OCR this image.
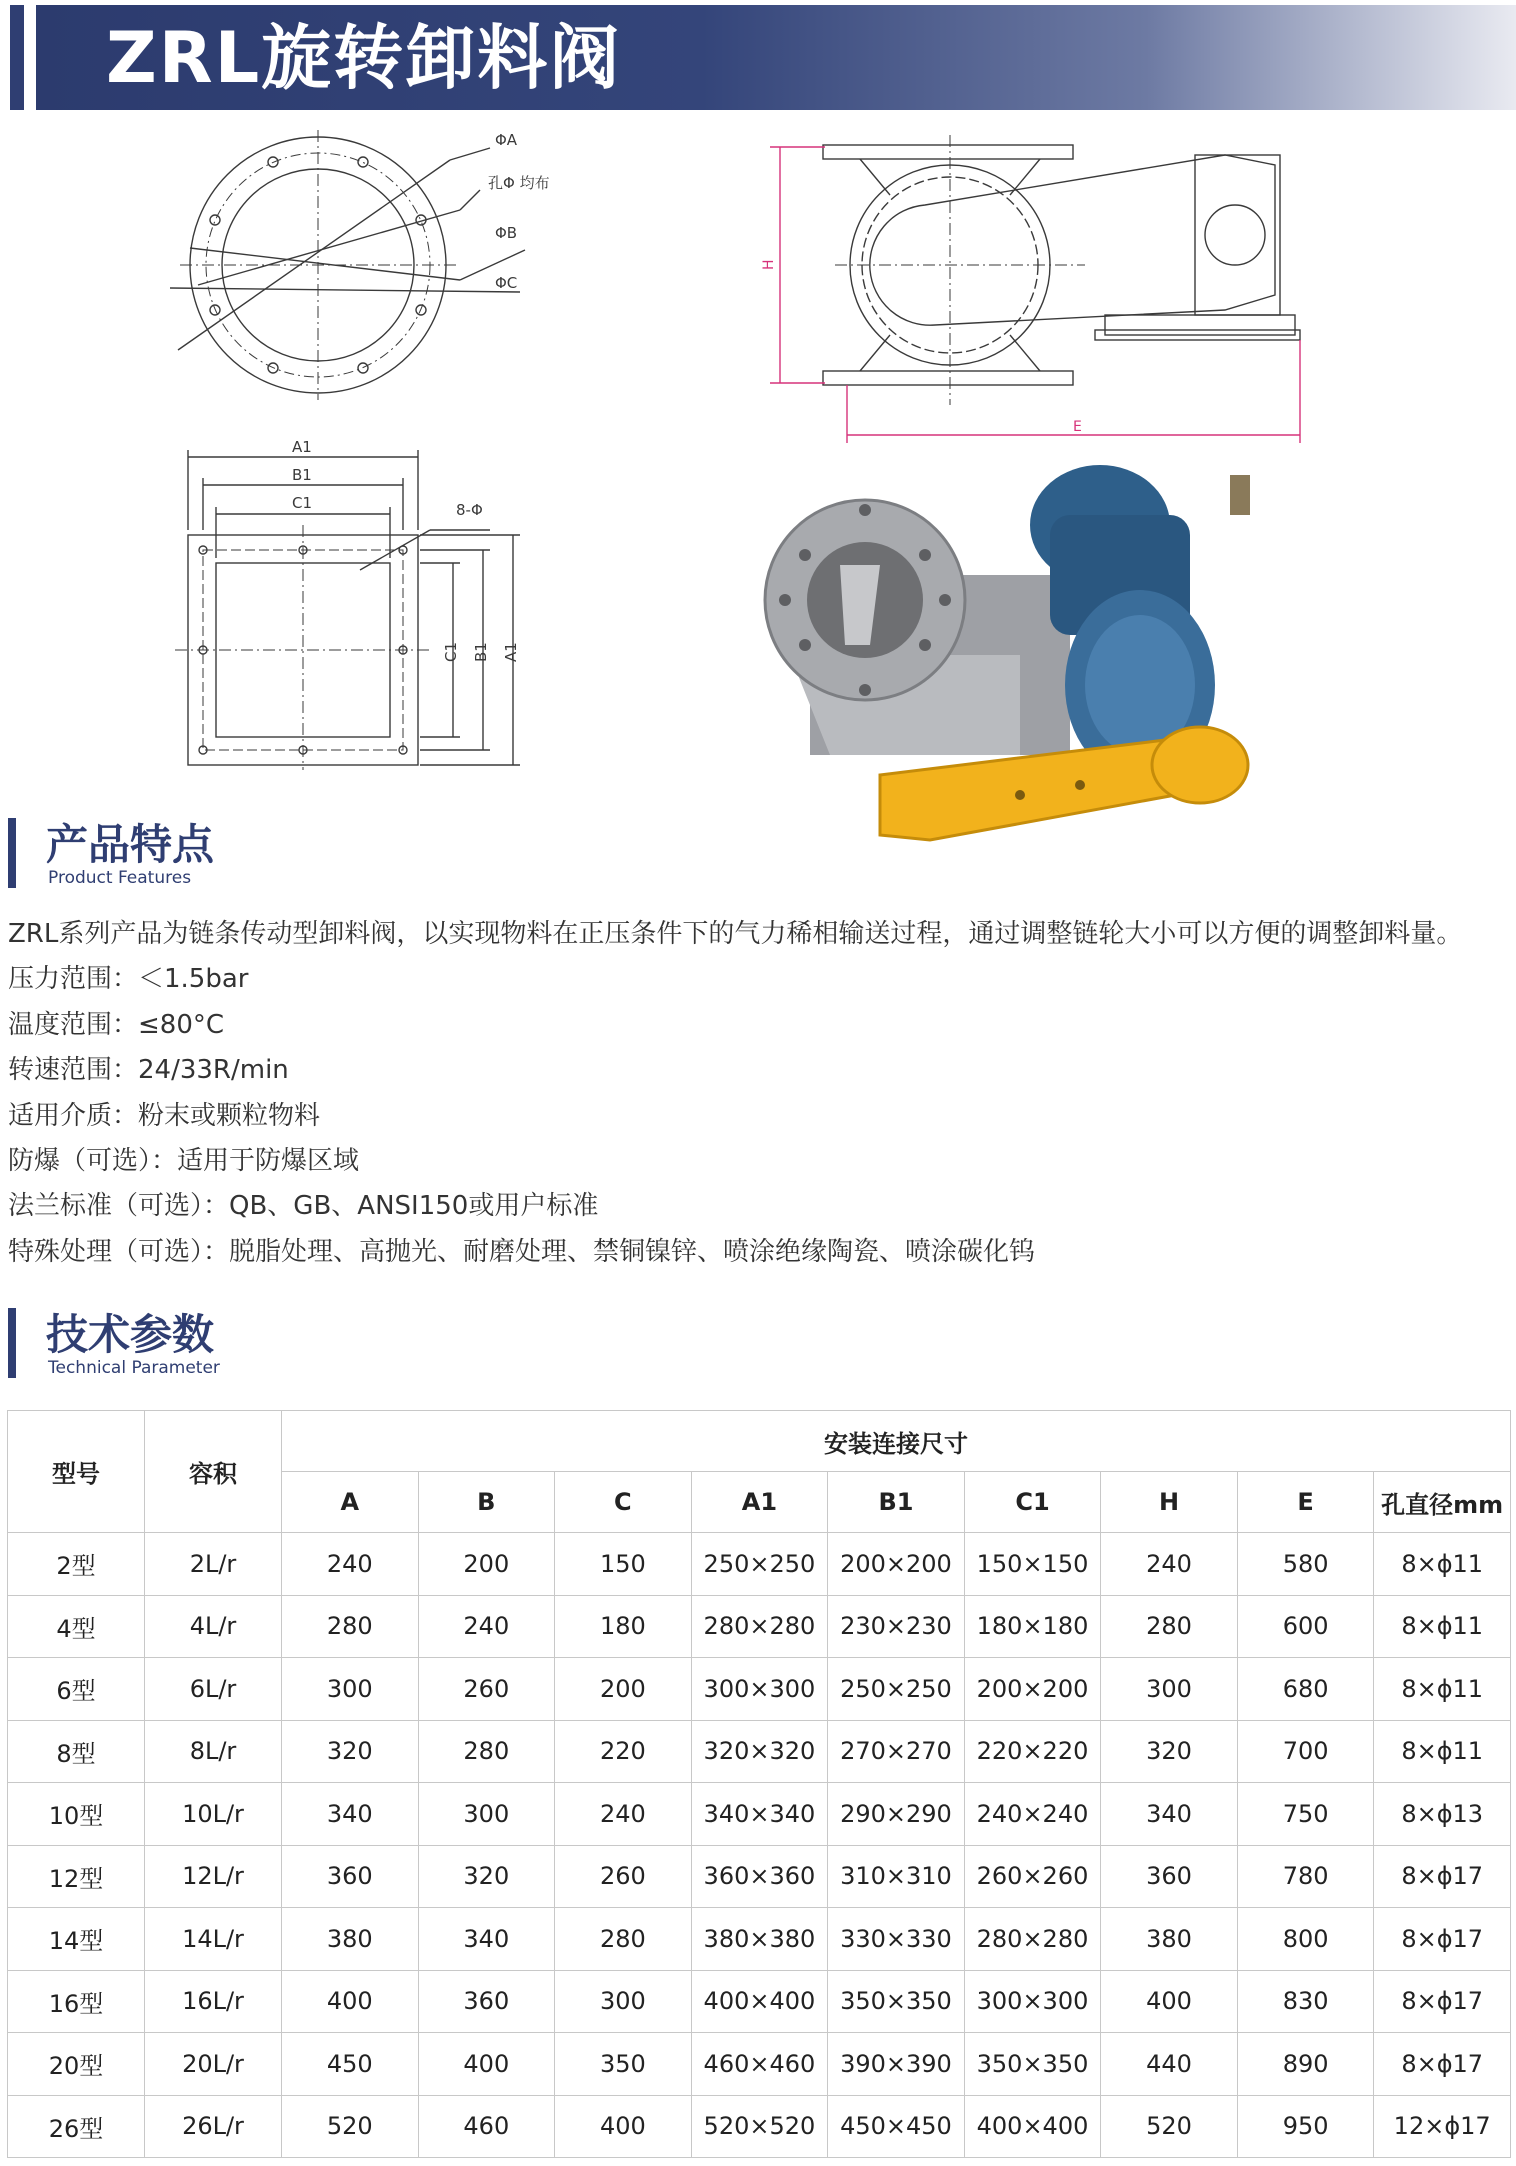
ZRL旋转卸料阀
ΦA
孔Φ 均布
ΦB
ΦC
H
E
A1
B1
C1	8-Φ
C1 B1 A1
产品特点
Product Features
ZRL系列产品为链条传动型卸料阀，以实现物料在正压条件下的气力稀相输送过程，通过调整链轮大小可以方便的调整卸料量。
压力范围：＜1.5bar
温度范围：≤80°C
转速范围：24/33R/min
适用介质：粉末或颗粒物料
防爆（可选）：适用于防爆区域
法兰标准（可选）：QB、GB、ANSI150或用户标准
特殊处理（可选）：脱脂处理、高抛光、耐磨处理、禁铜镍锌、喷涂绝缘陶瓷、喷涂碳化钨
技术参数
Technical Parameter
型号	容积	安装连接尺寸								
		A	B	C	A1	B1	C1	H	E	孔直径mm
2型	2L/r	240	200	150	250×250	200×200	150×150	240	580	8×ϕ11
4型	4L/r	280	240	180	280×280	230×230	180×180	280	600	8×ϕ11
6型	6L/r	300	260	200	300×300	250×250	200×200	300	680	8×ϕ11
8型	8L/r	320	280	220	320×320	270×270	220×220	320	700	8×ϕ11
10型	10L/r	340	300	240	340×340	290×290	240×240	340	750	8×ϕ13
12型	12L/r	360	320	260	360×360	310×310	260×260	360	780	8×ϕ17
14型	14L/r	380	340	280	380×380	330×330	280×280	380	800	8×ϕ17
16型	16L/r	400	360	300	400×400	350×350	300×300	400	830	8×ϕ17
20型	20L/r	450	400	350	460×460	390×390	350×350	440	890	8×ϕ17
26型	26L/r	520	460	400	520×520	450×450	400×400	520	950	12×ϕ17
